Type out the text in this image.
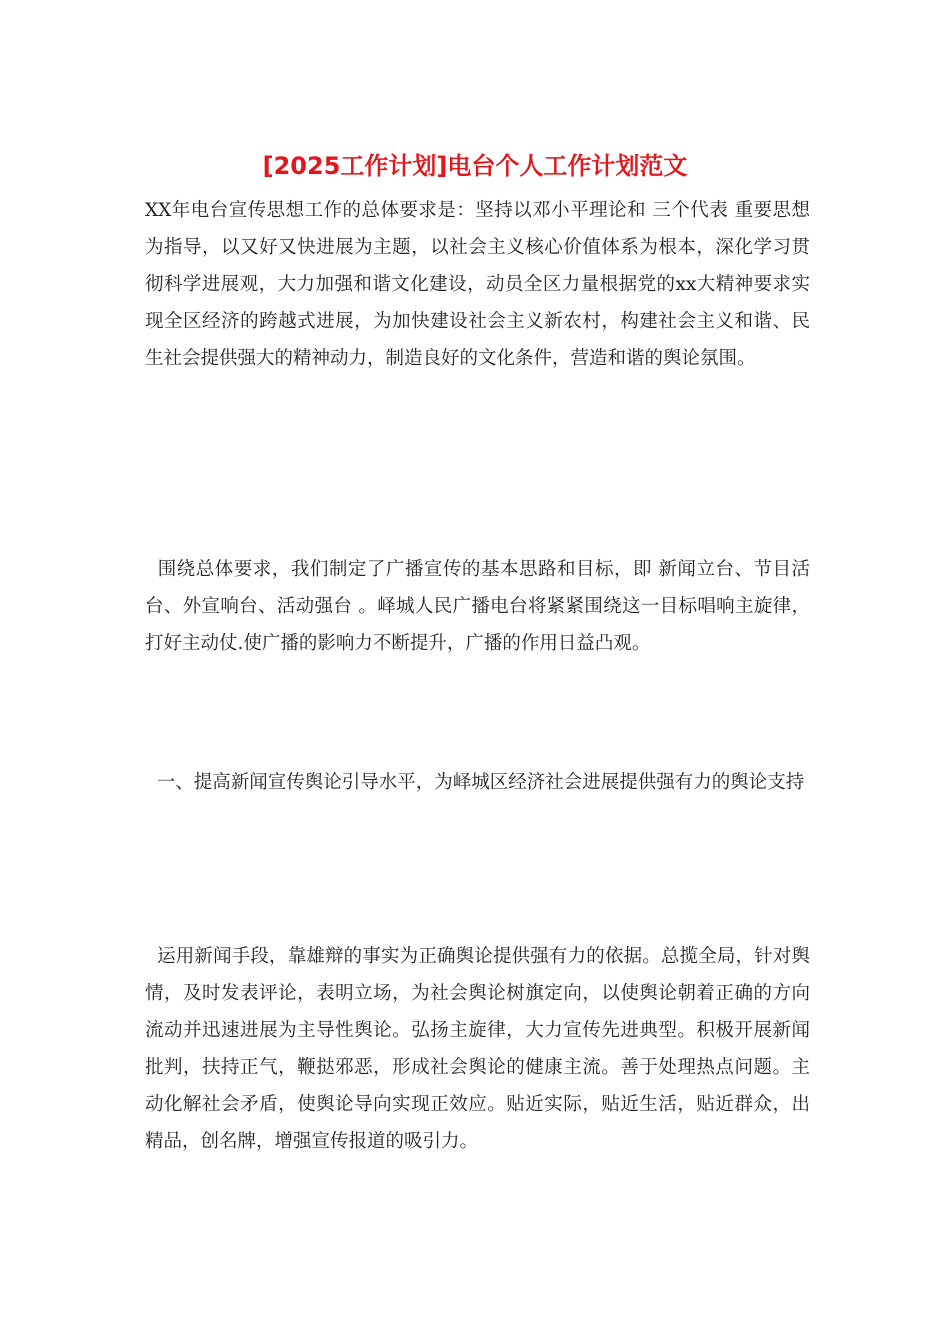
[2025工作计划]电台个人工作计划范文

XX年电台宣传思想工作的总体要求是：坚持以邓小平理论和 三个代表 重要思想为指导，以又好又快进展为主题，以社会主义核心价值体系为根本，深化学习贯彻科学进展观，大力加强和谐文化建设，动员全区力量根据党的xx大精神要求实现全区经济的跨越式进展，为加快建设社会主义新农村，构建社会主义和谐、民生社会提供强大的精神动力，制造良好的文化条件，营造和谐的舆论氛围。

围绕总体要求，我们制定了广播宣传的基本思路和目标，即 新闻立台、节目活台、外宣响台、活动强台 。峄城人民广播电台将紧紧围绕这一目标唱响主旋律，打好主动仗.使广播的影响力不断提升，广播的作用日益凸观。

一、提高新闻宣传舆论引导水平，为峄城区经济社会进展提供强有力的舆论支持

运用新闻手段，靠雄辩的事实为正确舆论提供强有力的依据。总揽全局，针对舆情，及时发表评论，表明立场，为社会舆论树旗定向，以使舆论朝着正确的方向流动并迅速进展为主导性舆论。弘扬主旋律，大力宣传先进典型。积极开展新闻批判，扶持正气，鞭挞邪恶，形成社会舆论的健康主流。善于处理热点问题。主动化解社会矛盾，使舆论导向实现正效应。贴近实际，贴近生活，贴近群众，出精品，创名牌，增强宣传报道的吸引力。
